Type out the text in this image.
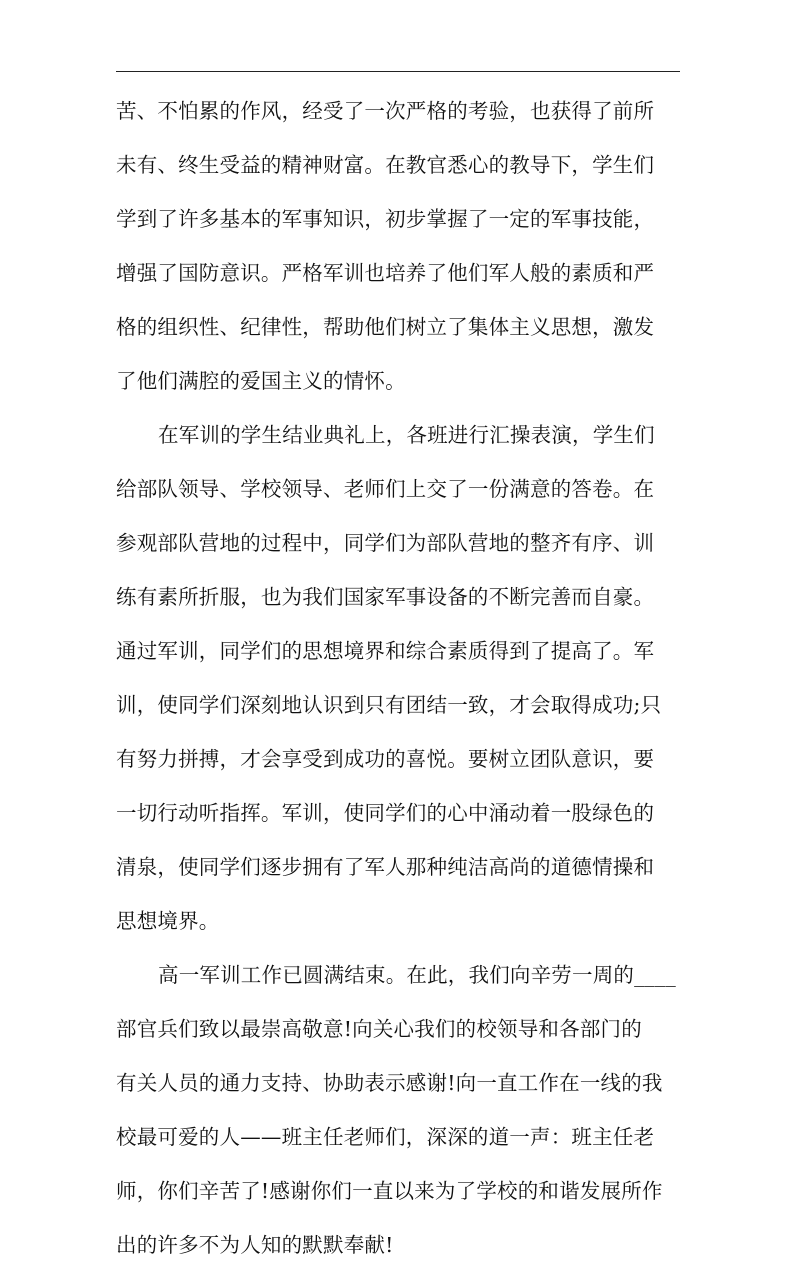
苦、不怕累的作风，经受了一次严格的考验，也获得了前所
未有、终生受益的精神财富。在教官悉心的教导下，学生们
学到了许多基本的军事知识，初步掌握了一定的军事技能，
增强了国防意识。严格军训也培养了他们军人般的素质和严
格的组织性、纪律性，帮助他们树立了集体主义思想，激发
了他们满腔的爱国主义的情怀。
在军训的学生结业典礼上，各班进行汇操表演，学生们
给部队领导、学校领导、老师们上交了一份满意的答卷。在
参观部队营地的过程中，同学们为部队营地的整齐有序、训
练有素所折服，也为我们国家军事设备的不断完善而自豪。
通过军训，同学们的思想境界和综合素质得到了提高了。军
训，使同学们深刻地认识到只有团结一致，才会取得成功;只
有努力拼搏，才会享受到成功的喜悦。要树立团队意识，要
一切行动听指挥。军训，使同学们的心中涌动着一股绿色的
清泉，使同学们逐步拥有了军人那种纯洁高尚的道德情操和
思想境界。
高一军训工作已圆满结束。在此，我们向辛劳一周的____
部官兵们致以最崇高敬意!向关心我们的校领导和各部门的
有关人员的通力支持、协助表示感谢!向一直工作在一线的我
校最可爱的人——班主任老师们，深深的道一声：班主任老
师，你们辛苦了!感谢你们一直以来为了学校的和谐发展所作
出的许多不为人知的默默奉献!
